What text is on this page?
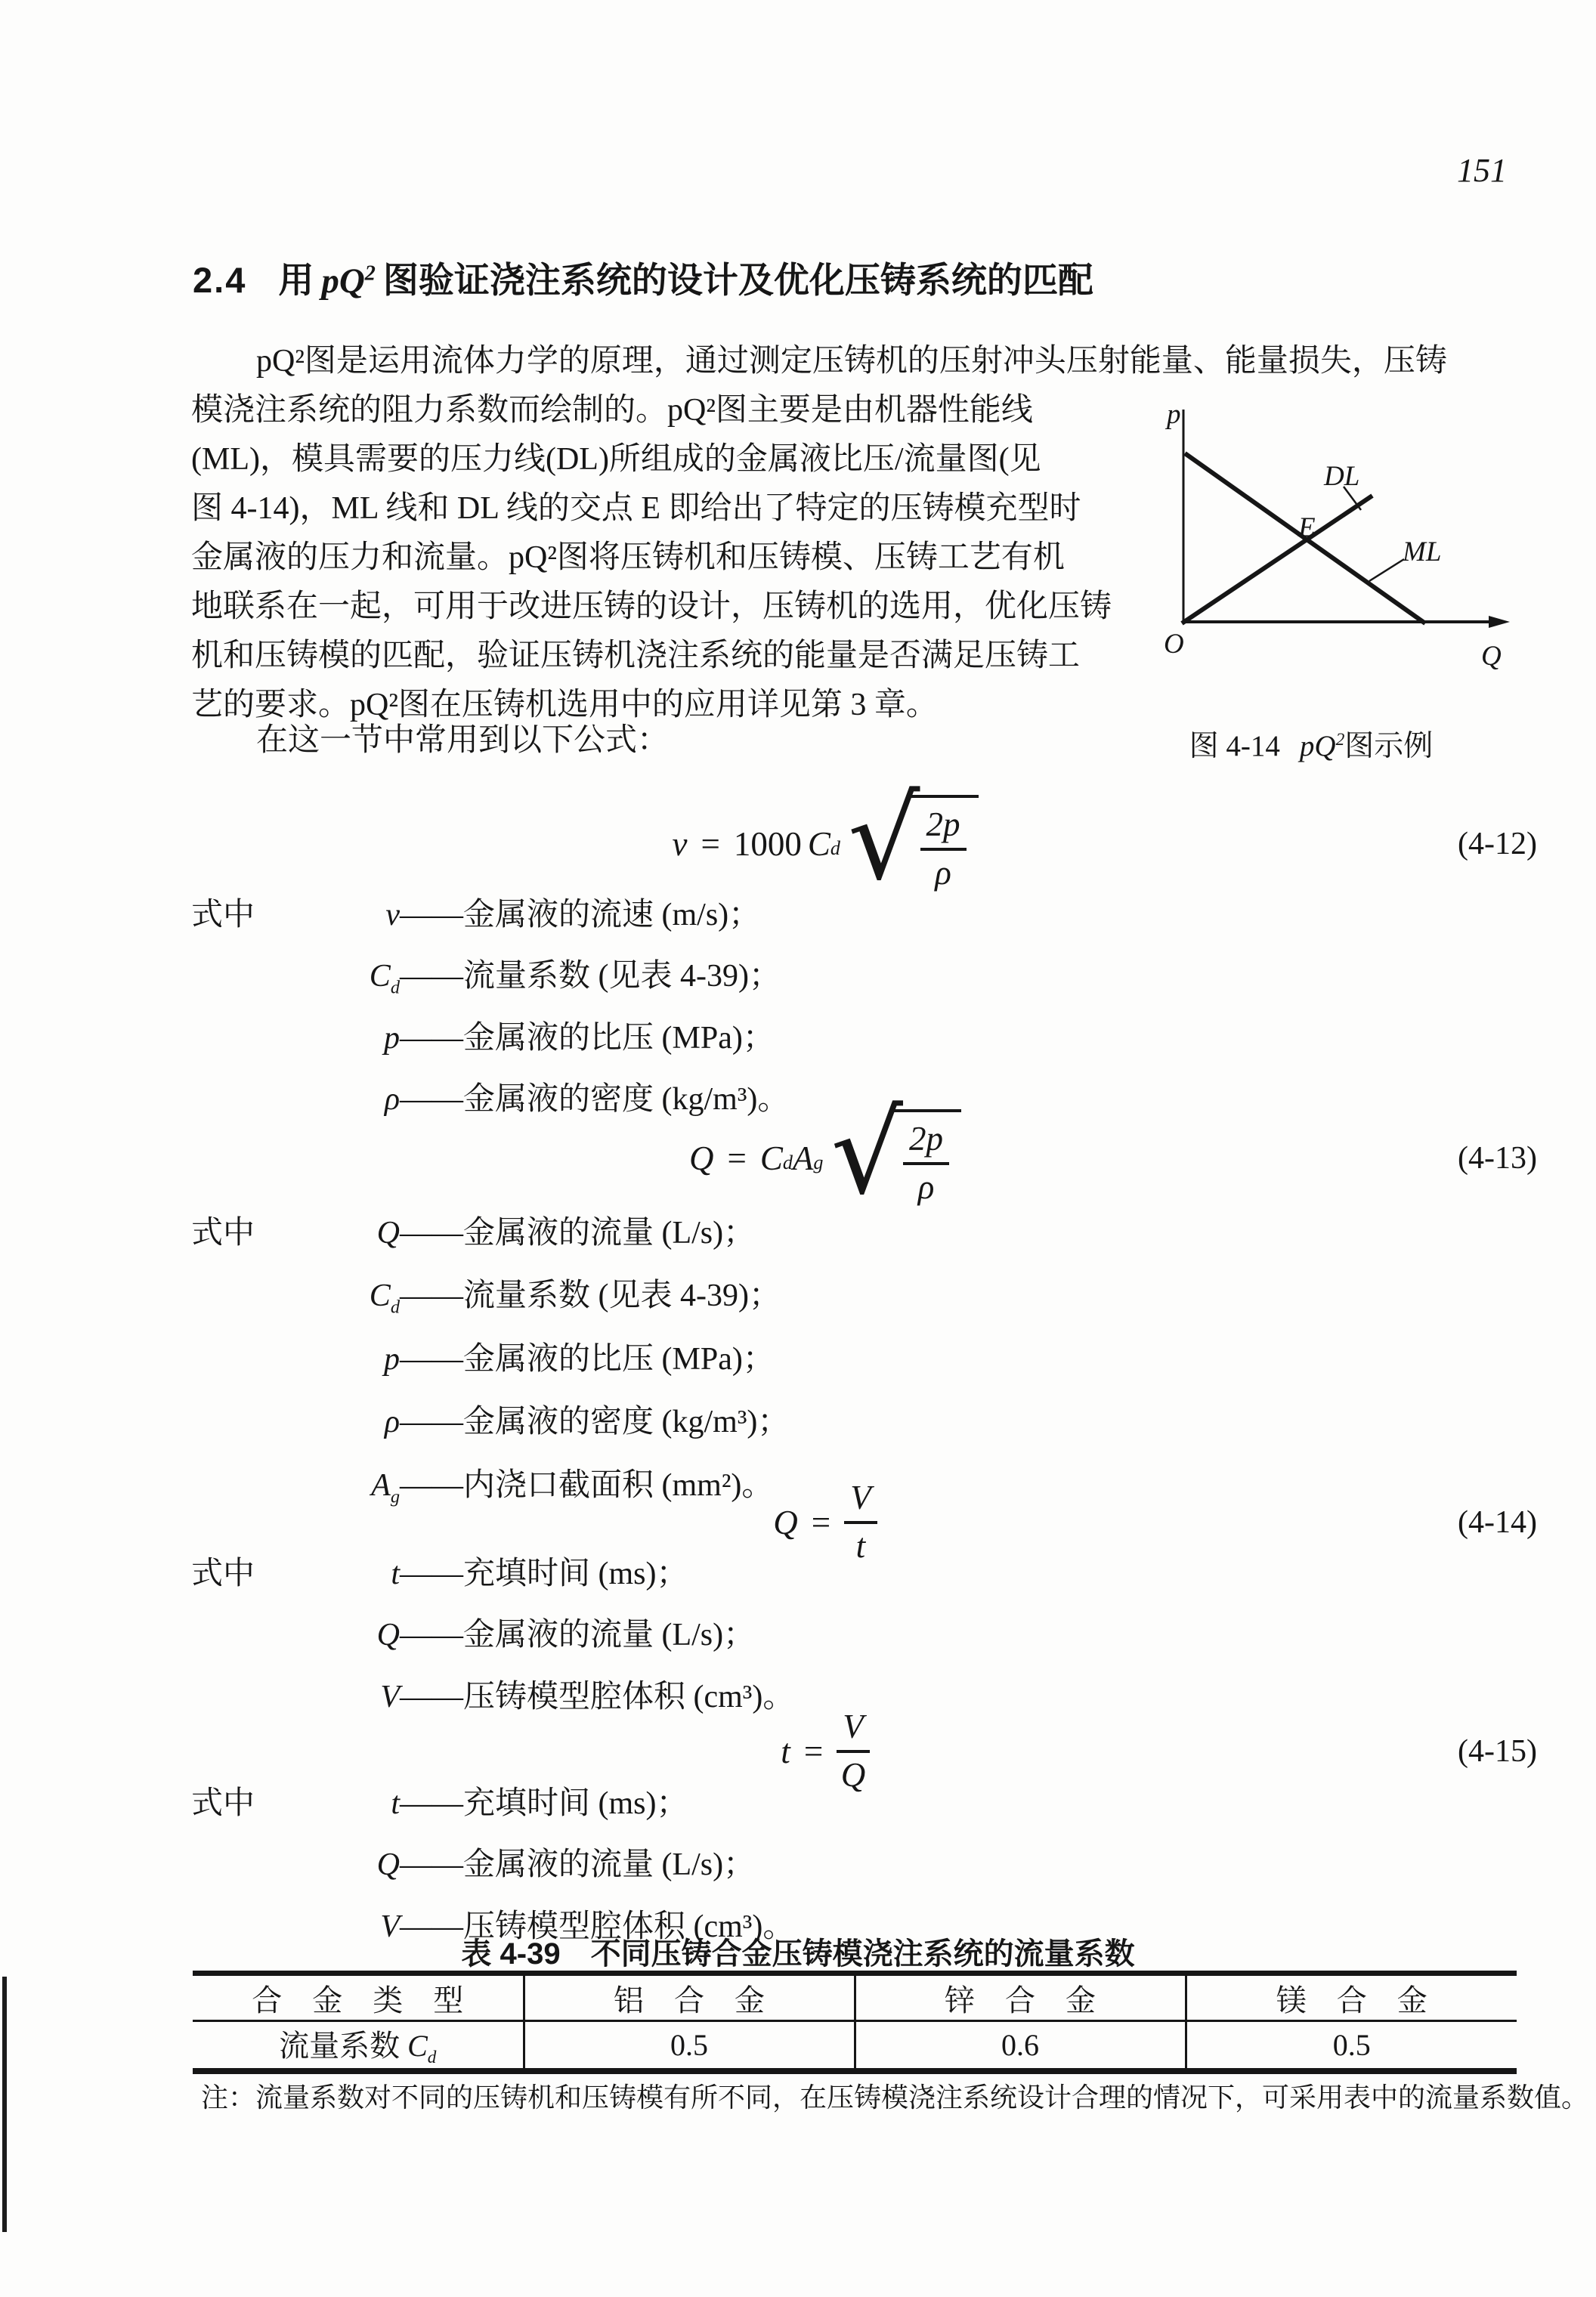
151
2.4 用 $pQ^2$ 图验证浇注系统的设计及优化压铸系统的匹配
pQ²图是运用流体力学的原理，通过测定压铸机的压射冲头压射能量、能量损失，压铸
模浇注系统的阻力系数而绘制的。pQ²图主要是由机器性能线
(ML)，模具需要的压力线(DL)所组成的金属液比压/流量图(见
图 4-14)，ML 线和 DL 线的交点 E 即给出了特定的压铸模充型时
金属液的压力和流量。pQ²图将压铸机和压铸模、压铸工艺有机
地联系在一起，可用于改进压铸的设计，压铸机的选用，优化压铸
机和压铸模的匹配，验证压铸机浇注系统的能量是否满足压铸工
艺的要求。pQ²图在压铸机选用中的应用详见第 3 章。
在这一节中常用到以下公式：
p
Q
O
DL
ML
E
图 4-14 $pQ^2$图示例
v = 1000 C d √ $\frac{2p}{\rho}$	(4-12)
式中	v——金属液的流速 (m/s)；
$C_d——$流量系数 (见表 4-39)；
p——金属液的比压 (MPa)；
ρ——金属液的密度 (kg/m³)。
Q = C d A g √ $\frac{2p}{\rho}$	(4-13)
式中	Q——金属液的流量 (L/s)；
$C_d——$流量系数 (见表 4-39)；
p——金属液的比压 (MPa)；
ρ——金属液的密度 (kg/m³)；
$A_g——$内浇口截面积 (mm²)。
$Q = \frac{V}{t}$	(4-14)
式中	t——充填时间 (ms)；
Q——金属液的流量 (L/s)；
V——压铸模型腔体积 (cm³)。
$t = \frac{V}{Q}$	(4-15)
式中	t——充填时间 (ms)；
Q——金属液的流量 (L/s)；
V——压铸模型腔体积 (cm³)。
表 4-39　不同压铸合金压铸模浇注系统的流量系数
合金类型	铝合金	锌合金	镁合金
流量系数 $C_d$	0.5	0.6	0.5
注：流量系数对不同的压铸机和压铸模有所不同，在压铸模浇注系统设计合理的情况下，可采用表中的流量系数值。
